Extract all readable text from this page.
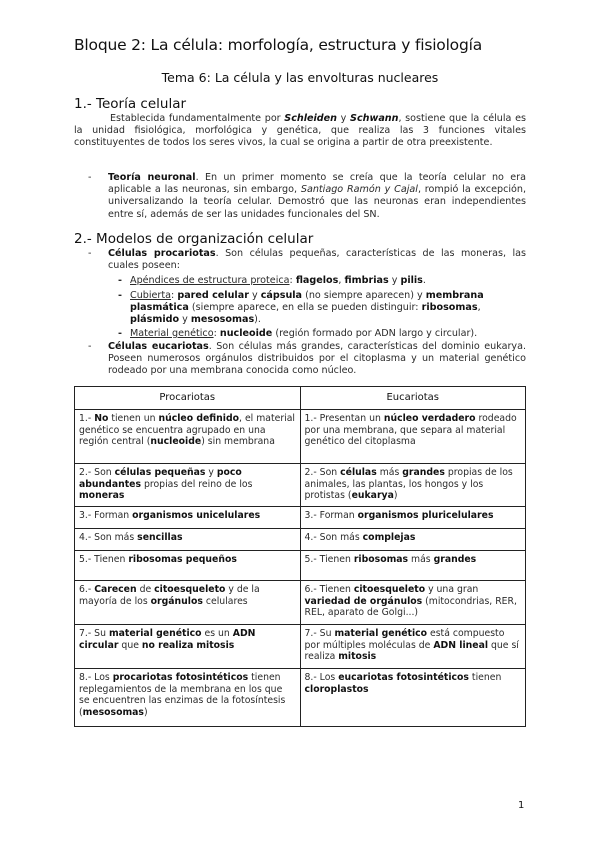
Bloque 2: La célula: morfología, estructura y fisiología
Tema 6: La célula y las envolturas nucleares
1.- Teoría celular
Establecida fundamentalmente por Schleiden y Schwann, sostiene que la célula es la unidad fisiológica, morfológica y genética, que realiza las 3 funciones vitales constituyentes de todos los seres vivos, la cual se origina a partir de otra preexistente.
- Teoría neuronal. En un primer momento se creía que la teoría celular no era aplicable a las neuronas, sin embargo, Santiago Ramón y Cajal, rompió la excepción, universalizando la teoría celular. Demostró que las neuronas eran independientes entre sí, además de ser las unidades funcionales del SN.
2.- Modelos de organización celular
- Células procariotas. Son células pequeñas, características de las moneras, las cuales poseen:
- Apéndices de estructura proteica: flagelos, fimbrias y pilis.
- Cubierta: pared celular y cápsula (no siempre aparecen) y membrana plasmática (siempre aparece, en ella se pueden distinguir: ribosomas, plásmido y mesosomas).
- Material genético: nucleoide (región formado por ADN largo y circular).
- Células eucariotas. Son células más grandes, características del dominio eukarya. Poseen numerosos orgánulos distribuidos por el citoplasma y un material genético rodeado por una membrana conocida como núcleo.
Procariotas	Eucariotas
1.- No tienen un núcleo definido, el material genético se encuentra agrupado en una región central (nucleoide) sin membrana	1.- Presentan un núcleo verdadero rodeado por una membrana, que separa al material genético del citoplasma
2.- Son células pequeñas y poco abundantes propias del reino de los moneras	2.- Son células más grandes propias de los animales, las plantas, los hongos y los protistas (eukarya)
3.- Forman organismos unicelulares	3.- Forman organismos pluricelulares
4.- Son más sencillas	4.- Son más complejas
5.- Tienen ribosomas pequeños	5.- Tienen ribosomas más grandes
6.- Carecen de citoesqueleto y de la mayoría de los orgánulos celulares	6.- Tienen citoesqueleto y una gran variedad de orgánulos (mitocondrias, RER, REL, aparato de Golgi...)
7.- Su material genético es un ADN circular que no realiza mitosis	7.- Su material genético está compuesto por múltiples moléculas de ADN lineal que sí realiza mitosis
8.- Los procariotas fotosintéticos tienen replegamientos de la membrana en los que se encuentren las enzimas de la fotosíntesis (mesosomas)	8.- Los eucariotas fotosintéticos tienen cloroplastos
1
